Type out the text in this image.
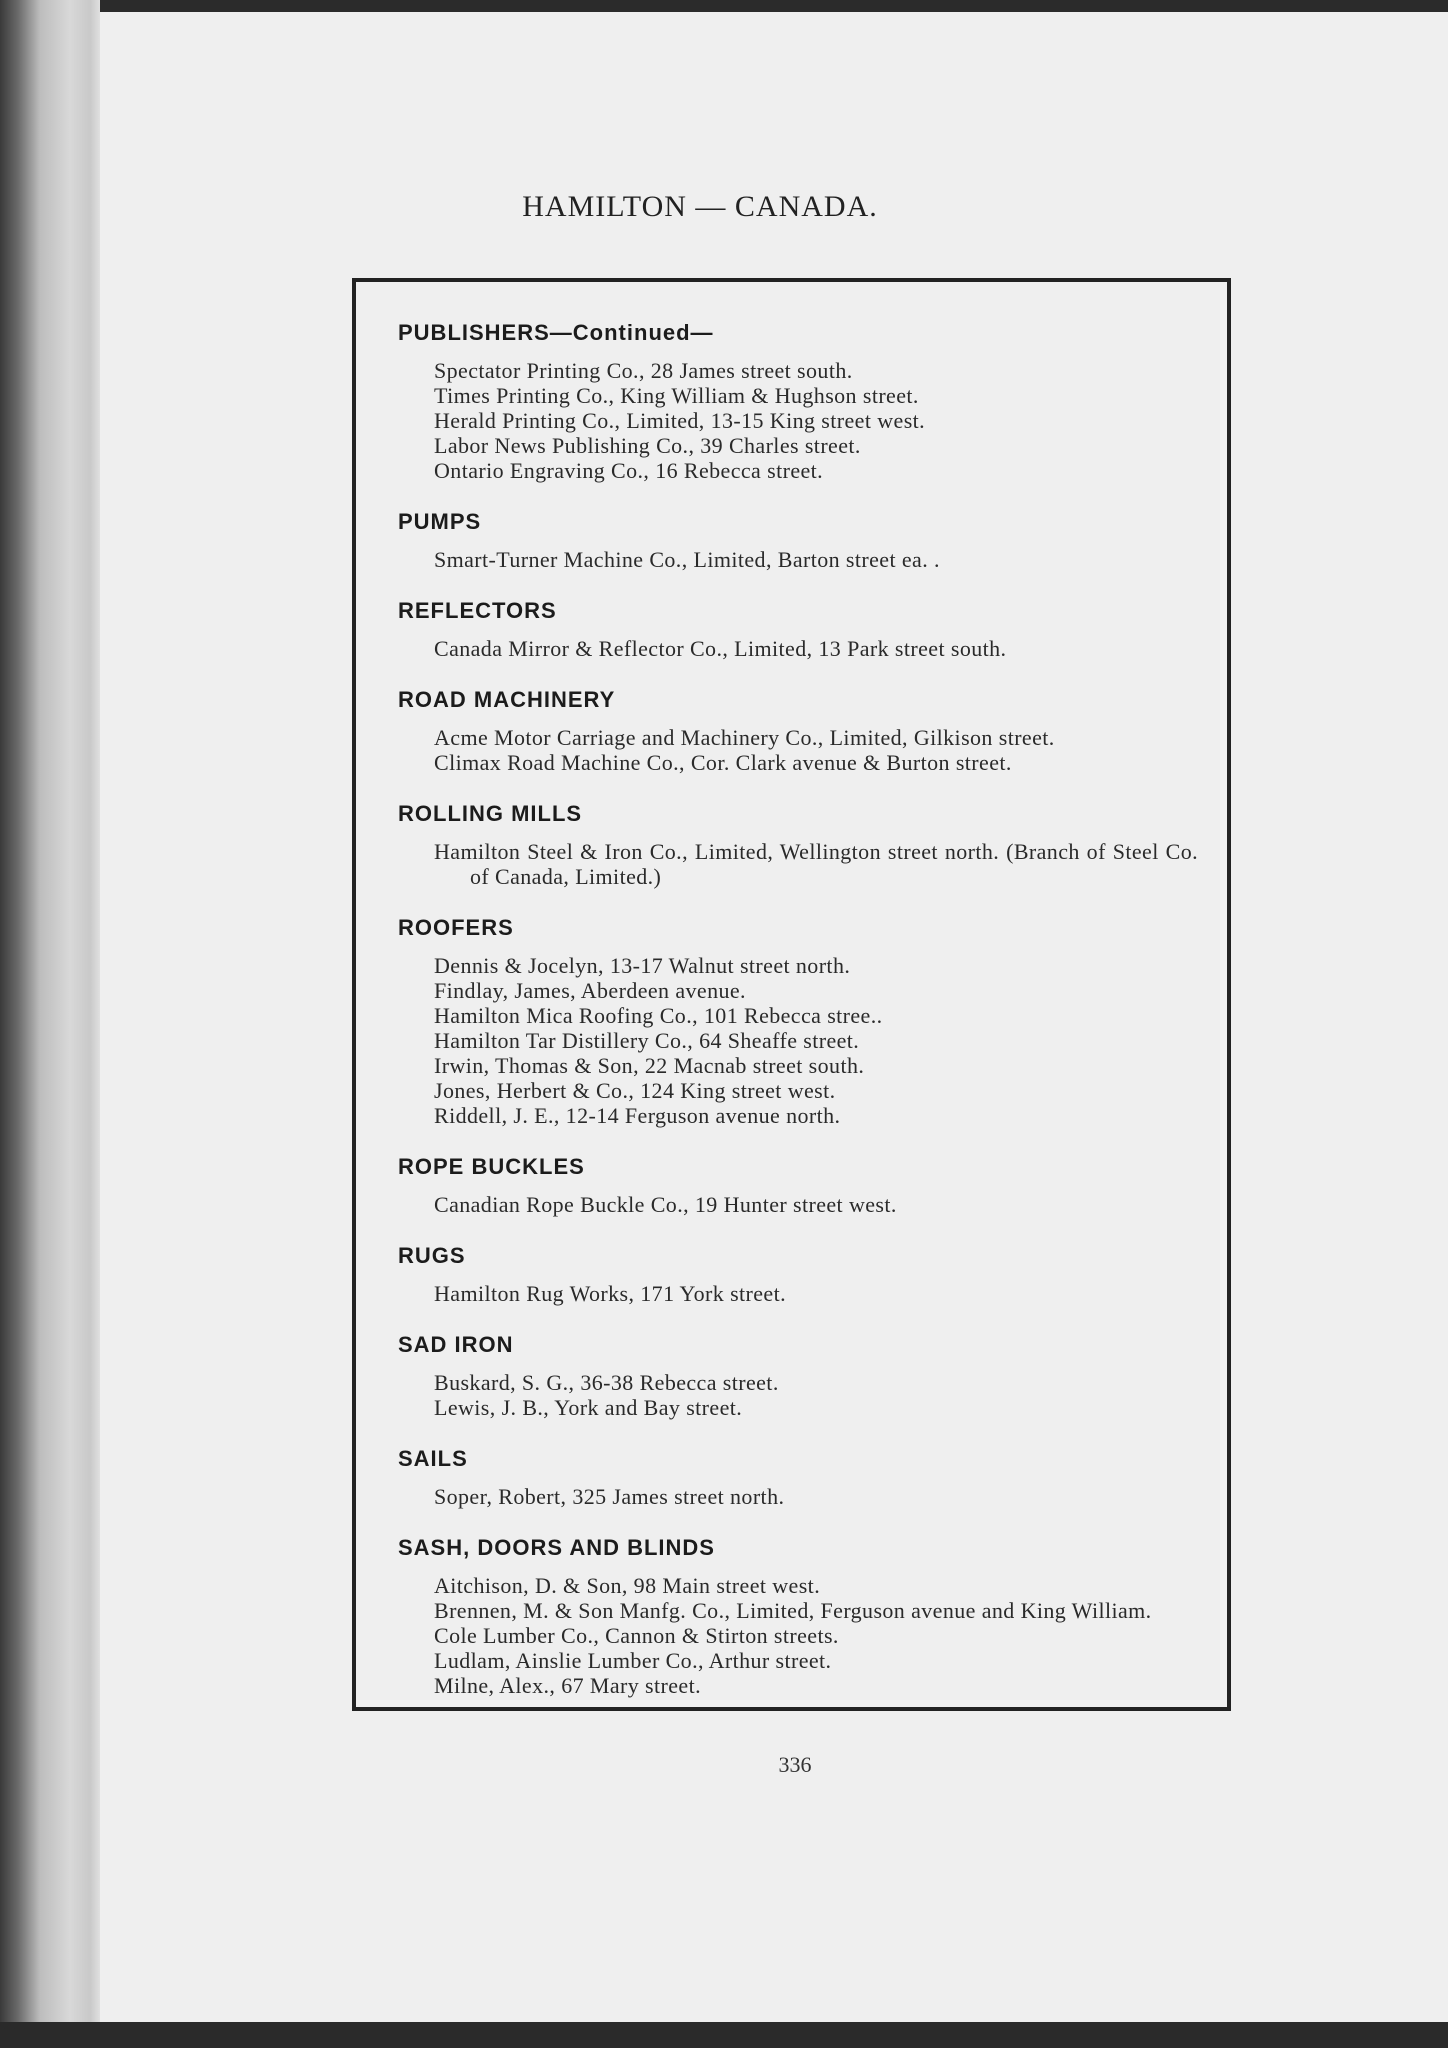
HAMILTON — CANADA.
PUBLISHERS—Continued—
Spectator Printing Co., 28 James street south.
Times Printing Co., King William & Hughson street.
Herald Printing Co., Limited, 13-15 King street west.
Labor News Publishing Co., 39 Charles street.
Ontario Engraving Co., 16 Rebecca street.
PUMPS
Smart-Turner Machine Co., Limited, Barton street ea. .
REFLECTORS
Canada Mirror & Reflector Co., Limited, 13 Park street south.
ROAD MACHINERY
Acme Motor Carriage and Machinery Co., Limited, Gilkison street.
Climax Road Machine Co., Cor. Clark avenue & Burton street.
ROLLING MILLS
Hamilton Steel & Iron Co., Limited, Wellington street north. (Branch of Steel Co. of Canada, Limited.)
ROOFERS
Dennis & Jocelyn, 13-17 Walnut street north.
Findlay, James, Aberdeen avenue.
Hamilton Mica Roofing Co., 101 Rebecca stree..
Hamilton Tar Distillery Co., 64 Sheaffe street.
Irwin, Thomas & Son, 22 Macnab street south.
Jones, Herbert & Co., 124 King street west.
Riddell, J. E., 12-14 Ferguson avenue north.
ROPE BUCKLES
Canadian Rope Buckle Co., 19 Hunter street west.
RUGS
Hamilton Rug Works, 171 York street.
SAD IRON
Buskard, S. G., 36-38 Rebecca street.
Lewis, J. B., York and Bay street.
SAILS
Soper, Robert, 325 James street north.
SASH, DOORS AND BLINDS
Aitchison, D. & Son, 98 Main street west.
Brennen, M. & Son Manfg. Co., Limited, Ferguson avenue and King William.
Cole Lumber Co., Cannon & Stirton streets.
Ludlam, Ainslie Lumber Co., Arthur street.
Milne, Alex., 67 Mary street.
336
